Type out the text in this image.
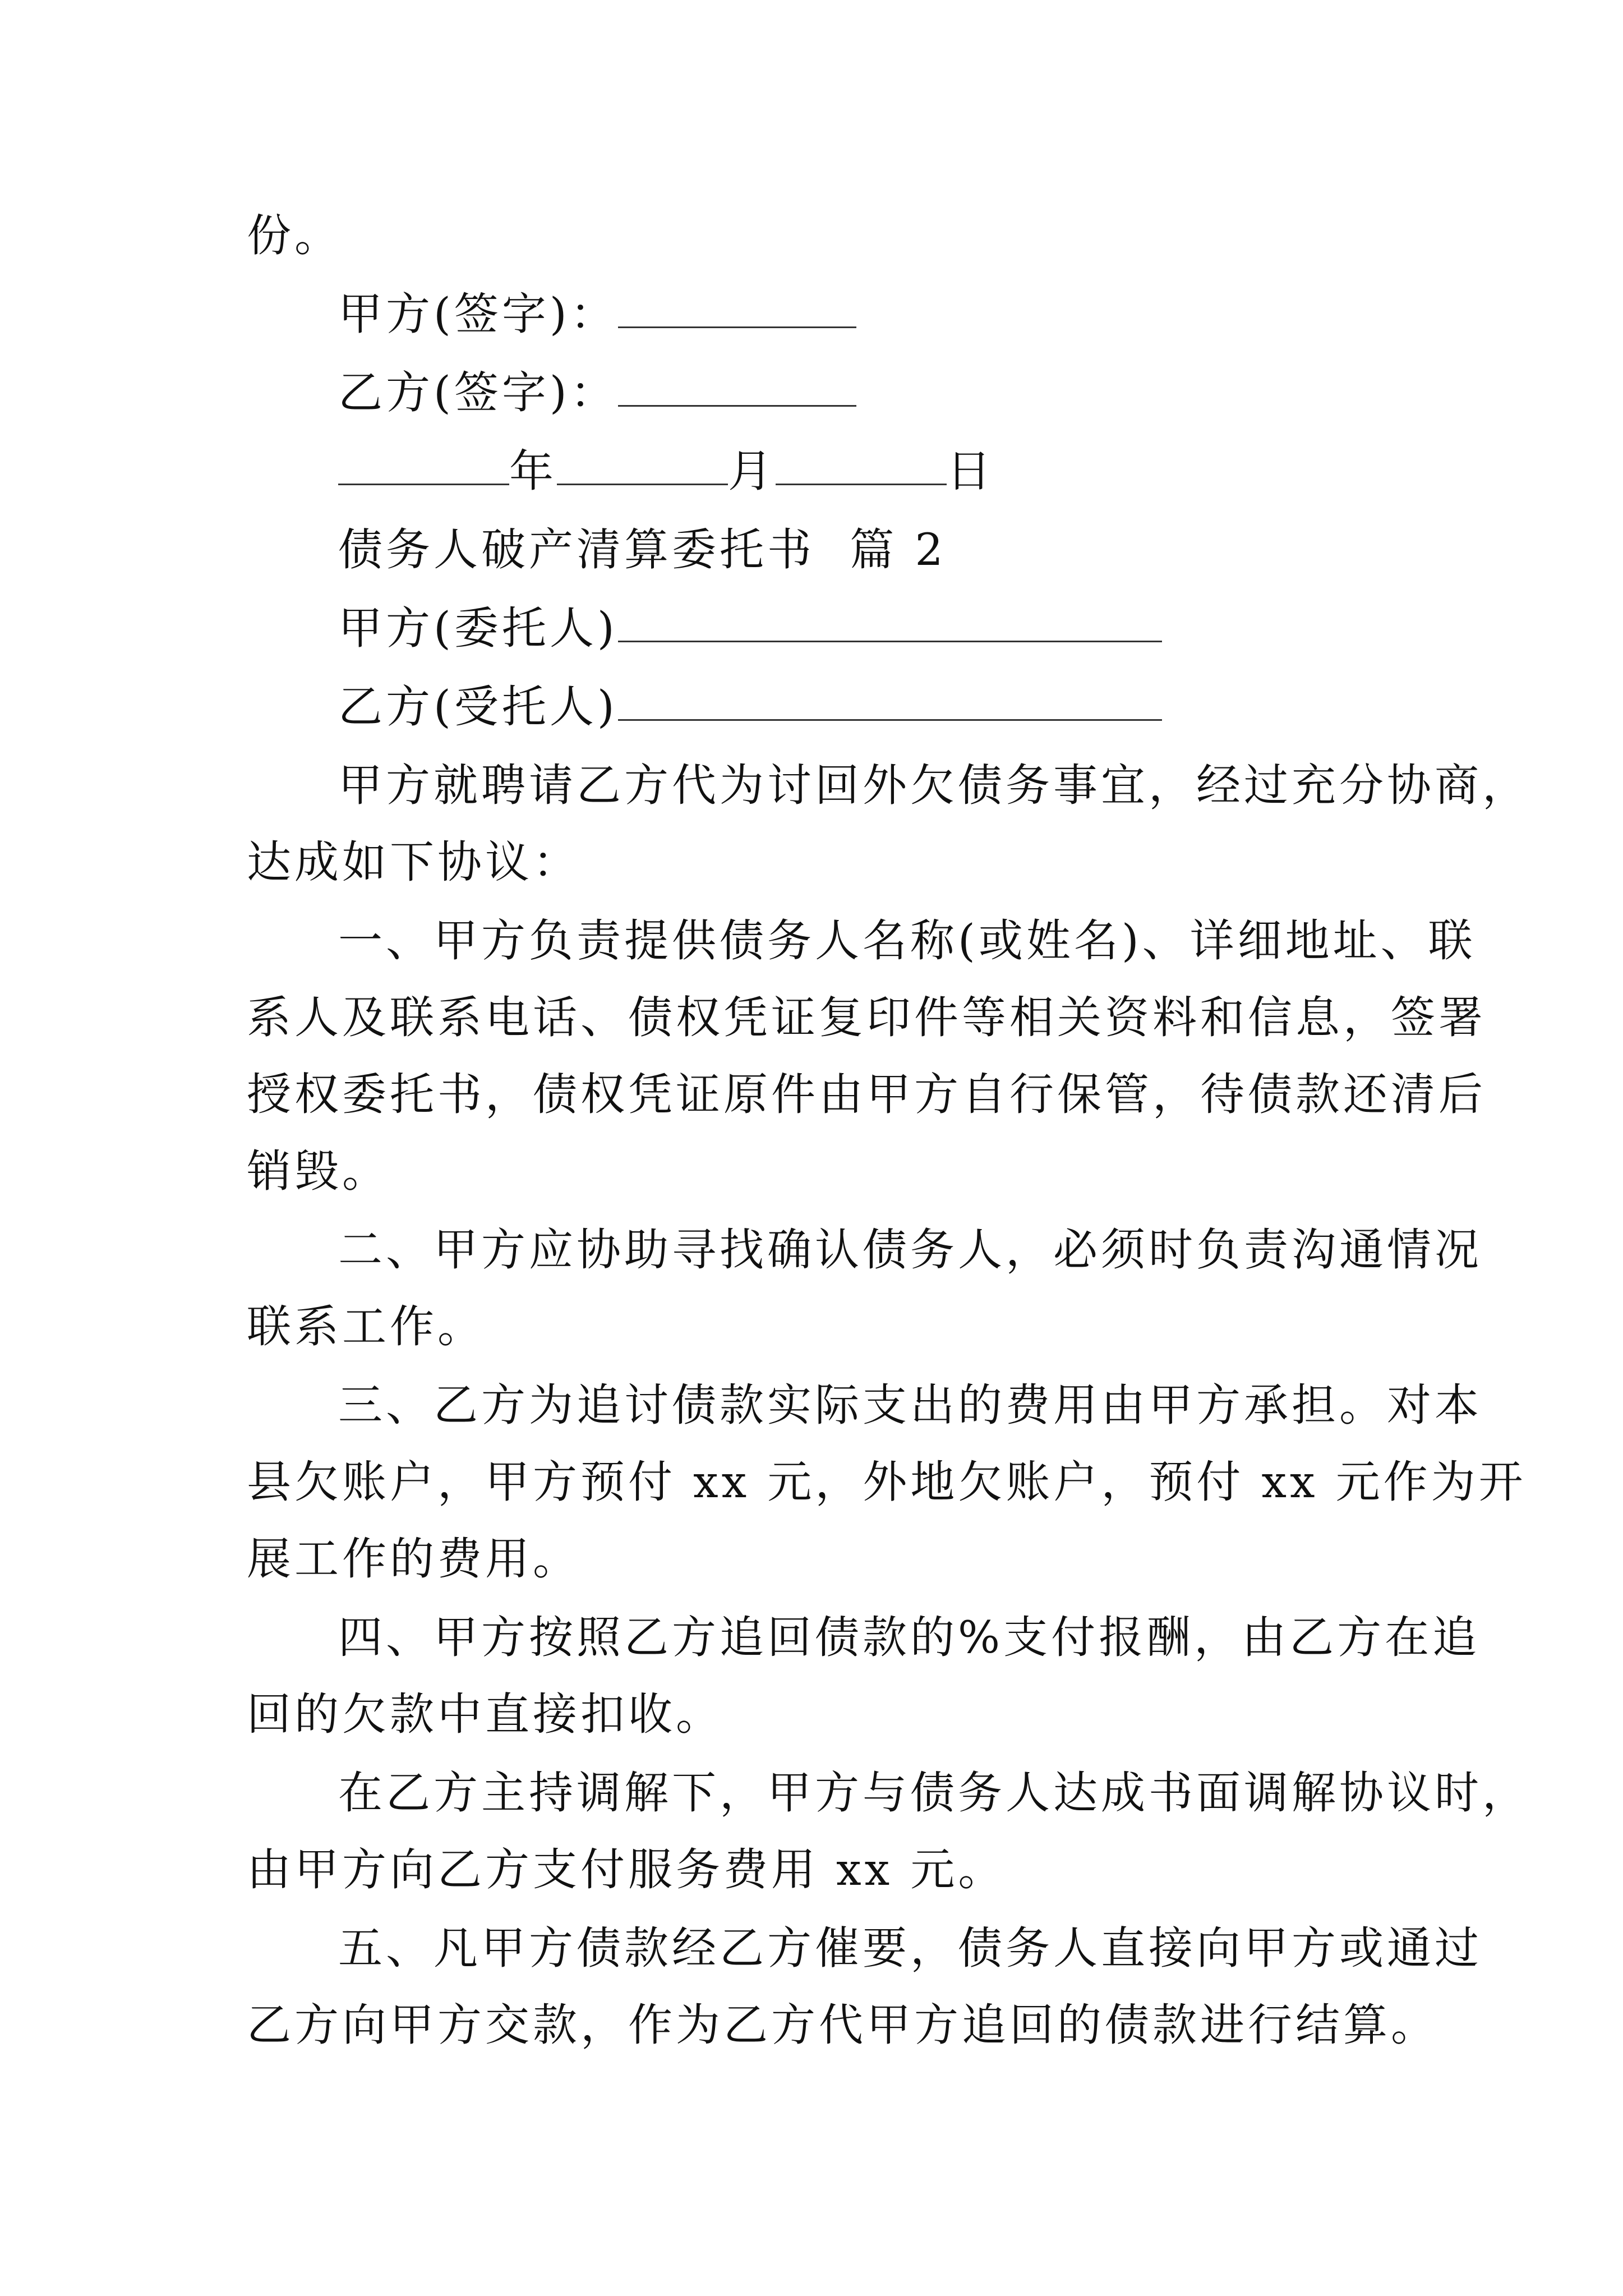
份。
甲方(签字)：
乙方(签字)：
年	月	日
债务人破产清算委托书  篇 2
甲方(委托人)
乙方(受托人)
甲方就聘请乙方代为讨回外欠债务事宜，经过充分协商，
达成如下协议：
一、甲方负责提供债务人名称(或姓名)、详细地址、联
系人及联系电话、债权凭证复印件等相关资料和信息，签署
授权委托书，债权凭证原件由甲方自行保管，待债款还清后
销毁。
二、甲方应协助寻找确认债务人，必须时负责沟通情况
联系工作。
三、乙方为追讨债款实际支出的费用由甲方承担。对本
县欠账户，甲方预付 xx 元，外地欠账户，预付 xx 元作为开
展工作的费用。
四、甲方按照乙方追回债款的%支付报酬，由乙方在追
回的欠款中直接扣收。
在乙方主持调解下，甲方与债务人达成书面调解协议时，
由甲方向乙方支付服务费用 xx 元。
五、凡甲方债款经乙方催要，债务人直接向甲方或通过
乙方向甲方交款，作为乙方代甲方追回的债款进行结算。
